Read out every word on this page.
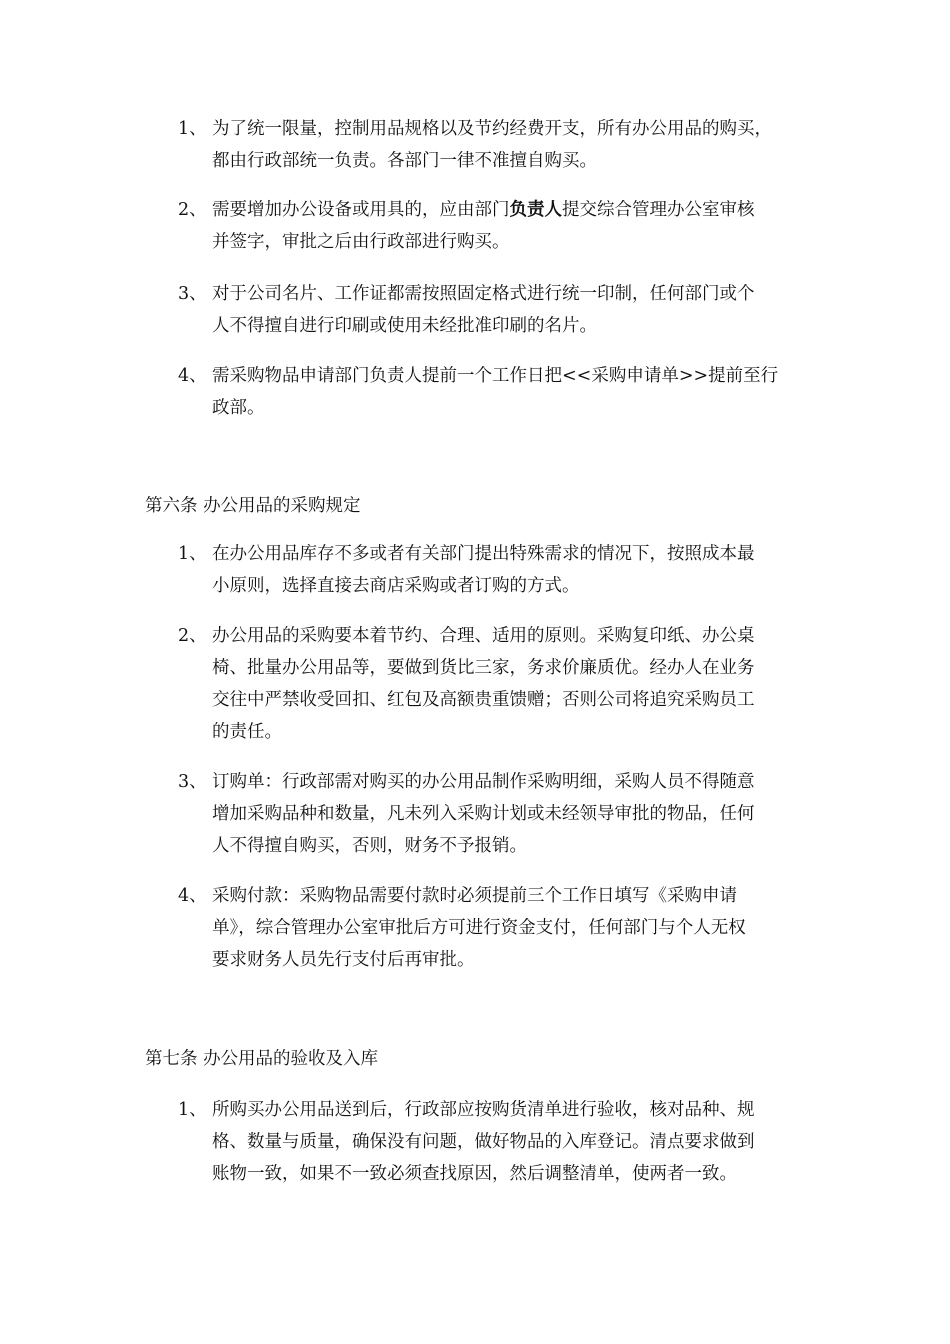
1、 为了统一限量，控制用品规格以及节约经费开支，所有办公用品的购买，
都由行政部统一负责。各部门一律不准擅自购买。
2、 需要增加办公设备或用具的，应由部门负责人提交综合管理办公室审核
并签字，审批之后由行政部进行购买。
3、 对于公司名片、工作证都需按照固定格式进行统一印制，任何部门或个
人不得擅自进行印刷或使用未经批准印刷的名片。
4、 需采购物品申请部门负责人提前一个工作日把<<采购申请单>>提前至行
政部。
第六条 办公用品的采购规定
1、 在办公用品库存不多或者有关部门提出特殊需求的情况下，按照成本最
小原则，选择直接去商店采购或者订购的方式。
2、 办公用品的采购要本着节约、合理、适用的原则。采购复印纸、办公桌
椅、批量办公用品等，要做到货比三家，务求价廉质优。经办人在业务
交往中严禁收受回扣、红包及高额贵重馈赠；否则公司将追究采购员工
的责任。
3、 订购单：行政部需对购买的办公用品制作采购明细，采购人员不得随意
增加采购品种和数量，凡未列入采购计划或未经领导审批的物品，任何
人不得擅自购买，否则，财务不予报销。
4、 采购付款：采购物品需要付款时必须提前三个工作日填写《采购申请
单》，综合管理办公室审批后方可进行资金支付，任何部门与个人无权
要求财务人员先行支付后再审批。
第七条 办公用品的验收及入库
1、 所购买办公用品送到后，行政部应按购货清单进行验收，核对品种、规
格、数量与质量，确保没有问题，做好物品的入库登记。清点要求做到
账物一致，如果不一致必须查找原因，然后调整清单，使两者一致。
